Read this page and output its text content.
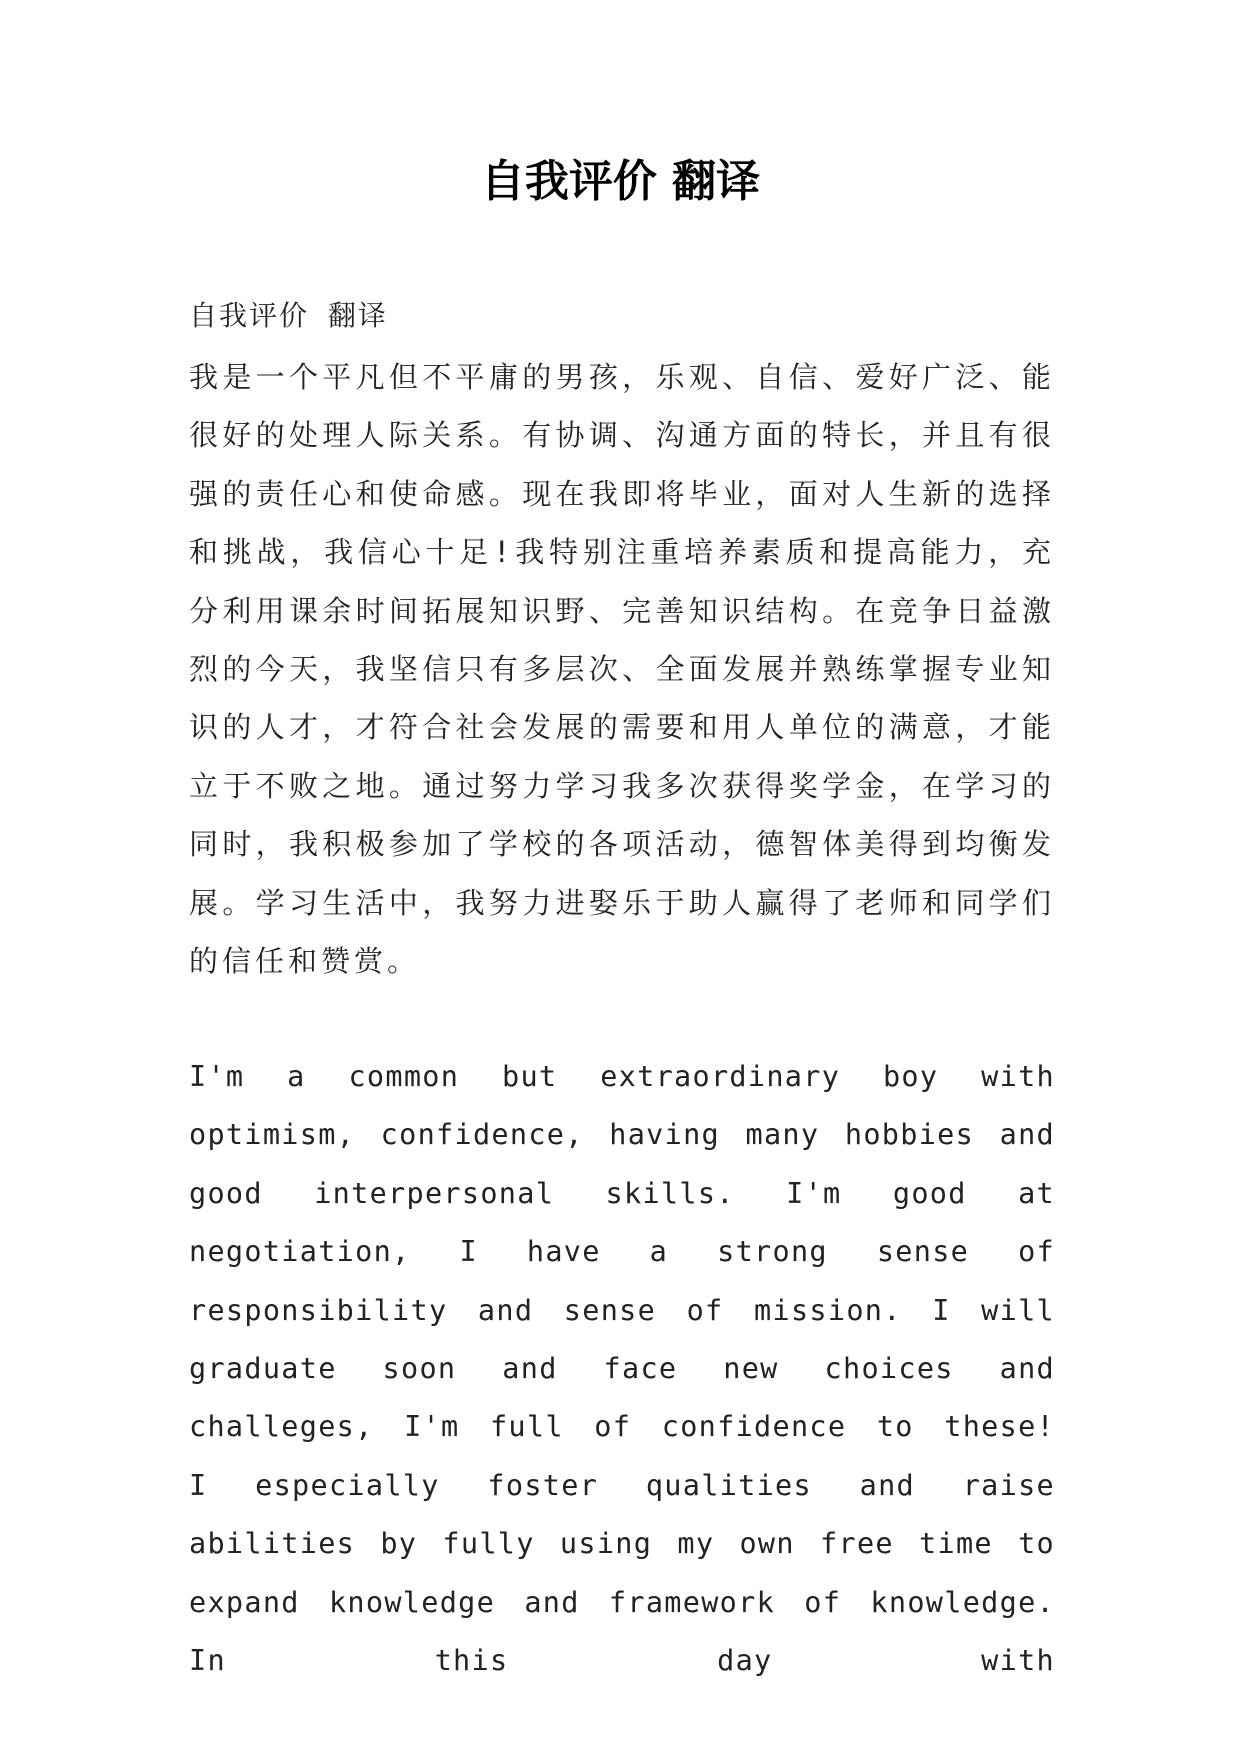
自我评价 翻译

自我评价 翻译

我是一个平凡但不平庸的男孩，乐观、自信、爱好广泛、能很好的处理人际关系。有协调、沟通方面的特长，并且有很强的责任心和使命感。现在我即将毕业，面对人生新的选择和挑战，我信心十足!我特别注重培养素质和提高能力，充分利用课余时间拓展知识野、完善知识结构。在竞争日益激烈的今天，我坚信只有多层次、全面发展并熟练掌握专业知识的人才，才符合社会发展的需要和用人单位的满意，才能立于不败之地。通过努力学习我多次获得奖学金，在学习的同时，我积极参加了学校的各项活动，德智体美得到均衡发展。学习生活中，我努力进娶乐于助人赢得了老师和同学们的信任和赞赏。

I'm a common but extraordinary boy with optimism, confidence, having many hobbies and good interpersonal skills. I'm good at negotiation, I have a strong sense of responsibility and sense of mission. I will graduate soon and face new choices and challeges, I'm full of confidence to these! I especially foster qualities and raise abilities by fully using my own free time to expand knowledge and framework of knowledge. In this day with
